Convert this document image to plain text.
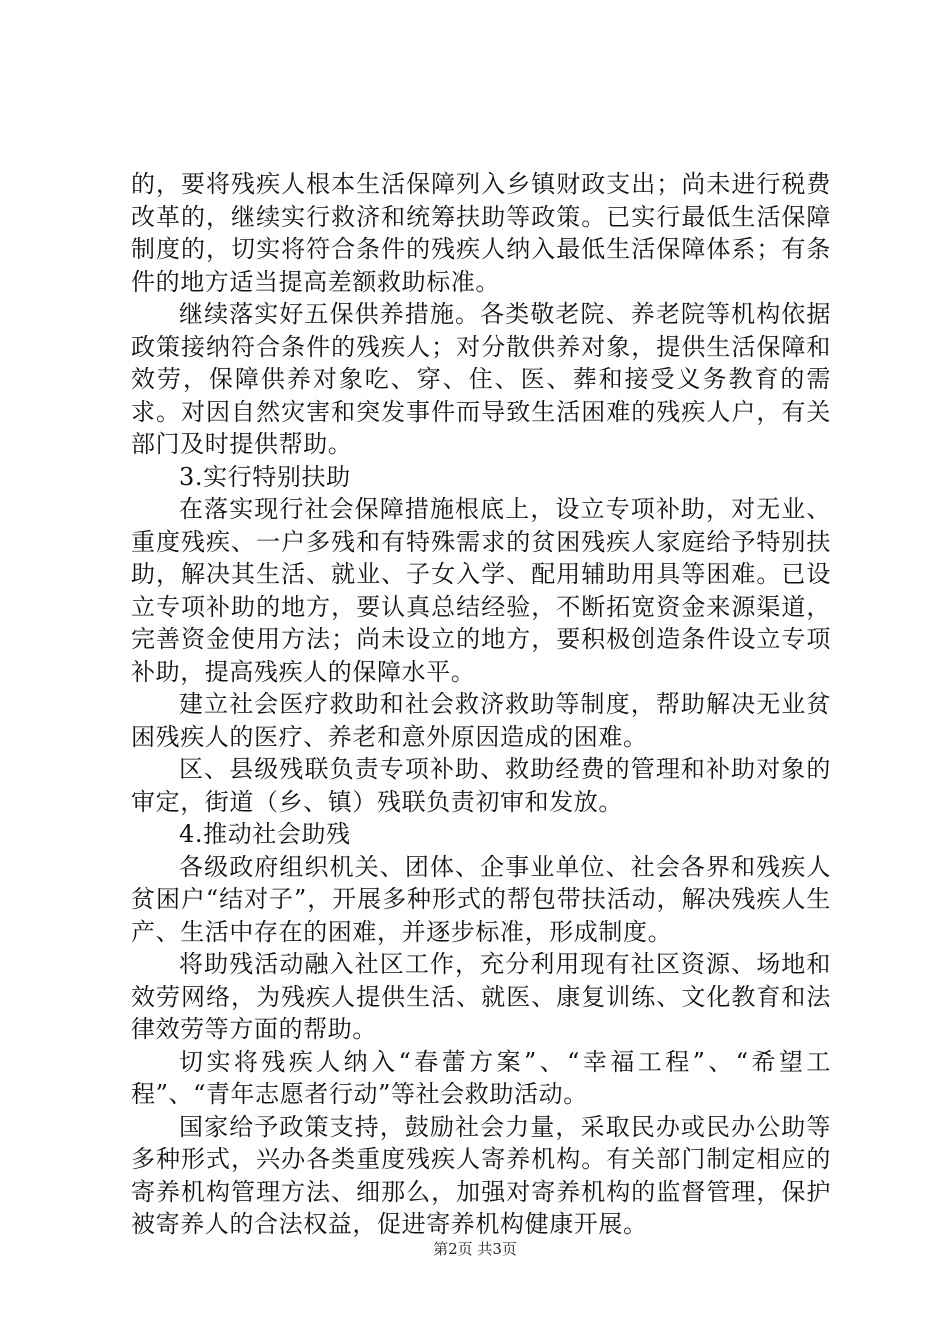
的，要将残疾人根本生活保障列入乡镇财政支出；尚未进行税费改革的，继续实行救济和统筹扶助等政策。已实行最低生活保障制度的，切实将符合条件的残疾人纳入最低生活保障体系；有条件的地方适当提高差额救助标准。

继续落实好五保供养措施。各类敬老院、养老院等机构依据政策接纳符合条件的残疾人；对分散供养对象，提供生活保障和效劳，保障供养对象吃、穿、住、医、葬和接受义务教育的需求。对因自然灾害和突发事件而导致生活困难的残疾人户，有关部门及时提供帮助。

3.实行特别扶助

在落实现行社会保障措施根底上，设立专项补助，对无业、重度残疾、一户多残和有特殊需求的贫困残疾人家庭给予特别扶助，解决其生活、就业、子女入学、配用辅助用具等困难。已设立专项补助的地方，要认真总结经验，不断拓宽资金来源渠道，完善资金使用方法；尚未设立的地方，要积极创造条件设立专项补助，提高残疾人的保障水平。

建立社会医疗救助和社会救济救助等制度，帮助解决无业贫困残疾人的医疗、养老和意外原因造成的困难。

区、县级残联负责专项补助、救助经费的管理和补助对象的审定，街道（乡、镇）残联负责初审和发放。

4.推动社会助残

各级政府组织机关、团体、企事业单位、社会各界和残疾人贫困户“结对子”，开展多种形式的帮包带扶活动，解决残疾人生产、生活中存在的困难，并逐步标准，形成制度。

将助残活动融入社区工作，充分利用现有社区资源、场地和效劳网络，为残疾人提供生活、就医、康复训练、文化教育和法律效劳等方面的帮助。

切实将残疾人纳入“春蕾方案”、“幸福工程”、“希望工程”、“青年志愿者行动”等社会救助活动。

国家给予政策支持，鼓励社会力量，采取民办或民办公助等多种形式，兴办各类重度残疾人寄养机构。有关部门制定相应的寄养机构管理方法、细那么，加强对寄养机构的监督管理，保护被寄养人的合法权益，促进寄养机构健康开展。

第2页 共3页
